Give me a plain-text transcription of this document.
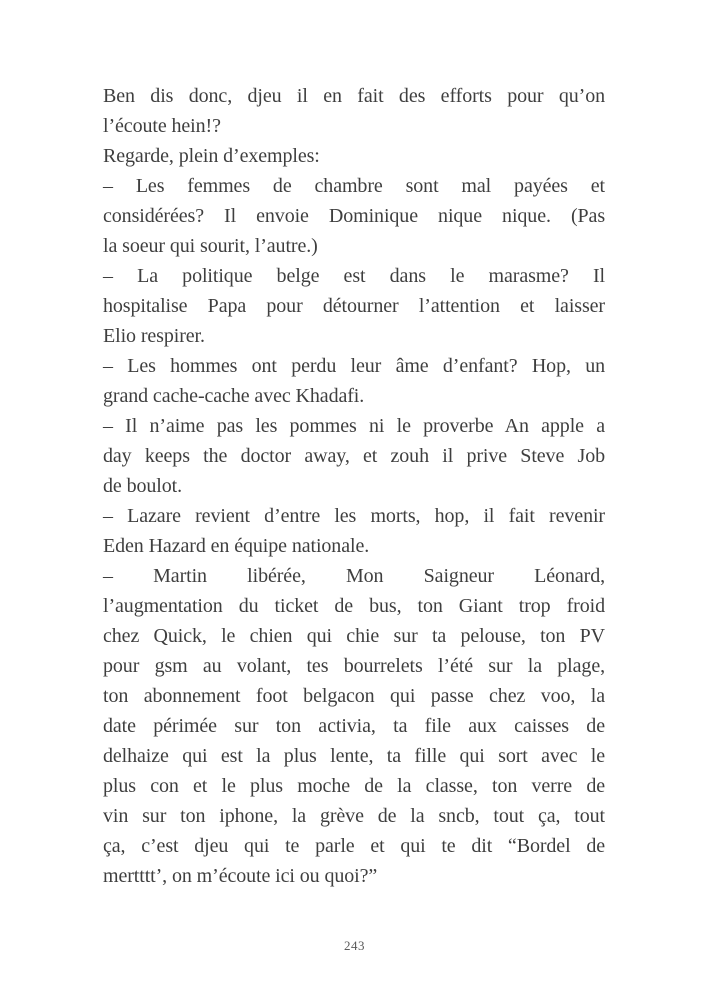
Ben dis donc, djeu il en fait des efforts pour qu’on
l’écoute hein!?
Regarde, plein d’exemples:
– Les femmes de chambre sont mal payées et
considérées? Il envoie Dominique nique nique. (Pas
la soeur qui sourit, l’autre.)
– La politique belge est dans le marasme? Il
hospitalise Papa pour détourner l’attention et laisser
Elio respirer.
– Les hommes ont perdu leur âme d’enfant? Hop, un
grand cache-cache avec Khadafi.
– Il n’aime pas les pommes ni le proverbe An apple a
day keeps the doctor away, et zouh il prive Steve Job
de boulot.
– Lazare revient d’entre les morts, hop, il fait revenir
Eden Hazard en équipe nationale.
– Martin libérée, Mon Saigneur Léonard,
l’augmentation du ticket de bus, ton Giant trop froid
chez Quick, le chien qui chie sur ta pelouse, ton PV
pour gsm au volant, tes bourrelets l’été sur la plage,
ton abonnement foot belgacon qui passe chez voo, la
date périmée sur ton activia, ta file aux caisses de
delhaize qui est la plus lente, ta fille qui sort avec le
plus con et le plus moche de la classe, ton verre de
vin sur ton iphone, la grève de la sncb, tout ça, tout
ça, c’est djeu qui te parle et qui te dit “Bordel de
mertttt’, on m’écoute ici ou quoi?”
243
